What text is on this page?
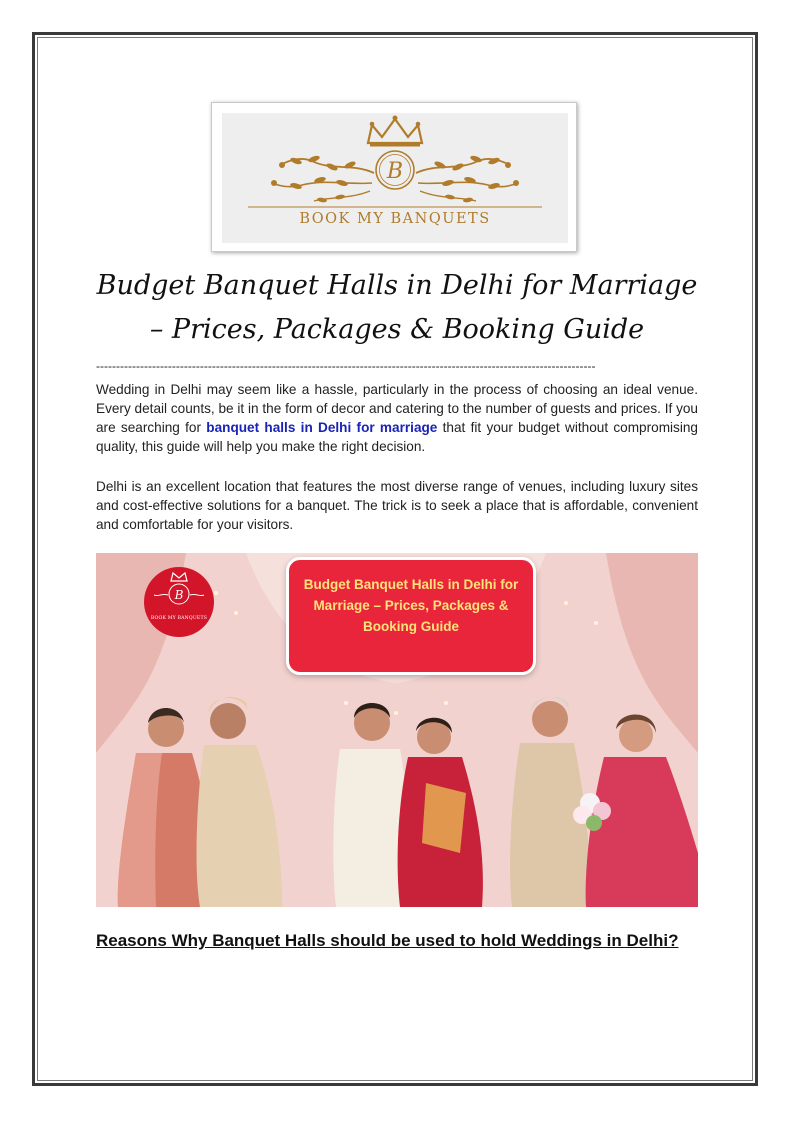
B
BOOK MY BANQUETS
Budget Banquet Halls in Delhi for Marriage
– Prices, Packages & Booking Guide
-----------------------------------------------------------------------------------------------------------------------------

Wedding in Delhi may seem like a hassle, particularly in the process of choosing an ideal venue. Every detail counts, be it in the form of decor and catering to the number of guests and prices. If you are searching for banquet halls in Delhi for marriage that fit your budget without compromising quality, this guide will help you make the right decision.

Delhi is an excellent location that features the most diverse range of venues, including luxury sites and cost-effective solutions for a banquet. The trick is to seek a place that is affordable, convenient and comfortable for your visitors.

B
BOOK MY BANQUETS
Budget Banquet Halls in Delhi for Marriage – Prices, Packages & Booking Guide
Reasons Why Banquet Halls should be used to hold Weddings in Delhi?
